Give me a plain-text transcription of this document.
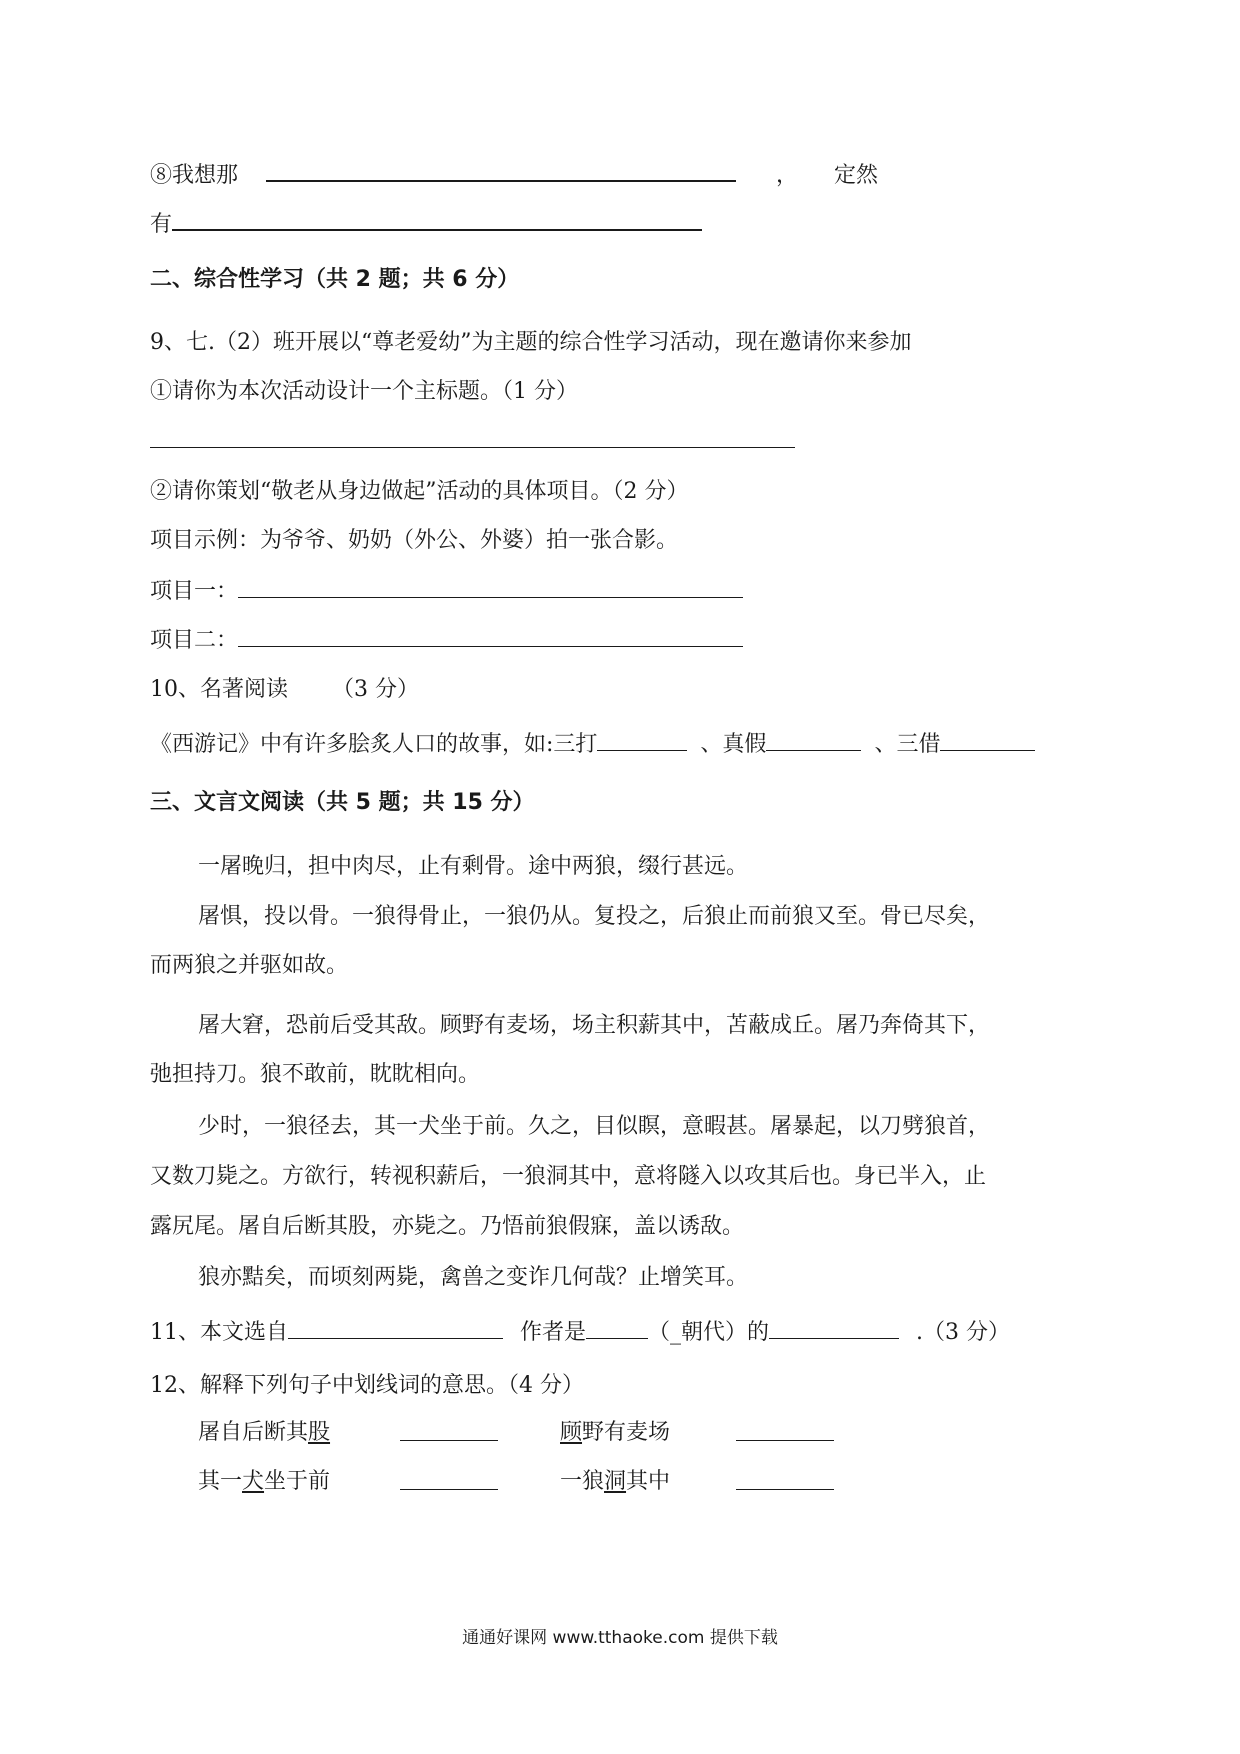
⑧我想那	， 定然
有
二、综合性学习（共 2 题；共 6 分）
9、七.（2）班开展以“尊老爱幼”为主题的综合性学习活动，现在邀请你来参加
①请你为本次活动设计一个主标题。（1 分）
②请你策划“敬老从身边做起”活动的具体项目。（2 分）
项目示例：为爷爷、奶奶（外公、外婆）拍一张合影。
项目一：
项目二：
10、名著阅读 （3 分）
《西游记》中有许多脍炙人口的故事，如:三打	、真假	、三借
三、文言文阅读（共 5 题；共 15 分）
一屠晚归，担中肉尽，止有剩骨。途中两狼，缀行甚远。
屠惧，投以骨。一狼得骨止，一狼仍从。复投之，后狼止而前狼又至。骨已尽矣，
而两狼之并驱如故。
屠大窘，恐前后受其敌。顾野有麦场，场主积薪其中，苫蔽成丘。屠乃奔倚其下，
弛担持刀。狼不敢前，眈眈相向。
少时，一狼径去，其一犬坐于前。久之，目似瞑，意暇甚。屠暴起，以刀劈狼首，
又数刀毙之。方欲行，转视积薪后，一狼洞其中，意将隧入以攻其后也。身已半入，止
露尻尾。屠自后断其股，亦毙之。乃悟前狼假寐，盖以诱敌。
狼亦黠矣，而顷刻两毙，禽兽之变诈几何哉？止增笑耳。
11、本文选自	作者是	（_朝代）的	.（3 分）
12、解释下列句子中划线词的意思。（4 分）
屠自后断其股	顾野有麦场
其一犬坐于前	一狼洞其中
通通好课网 www.tthaoke.com 提供下载
